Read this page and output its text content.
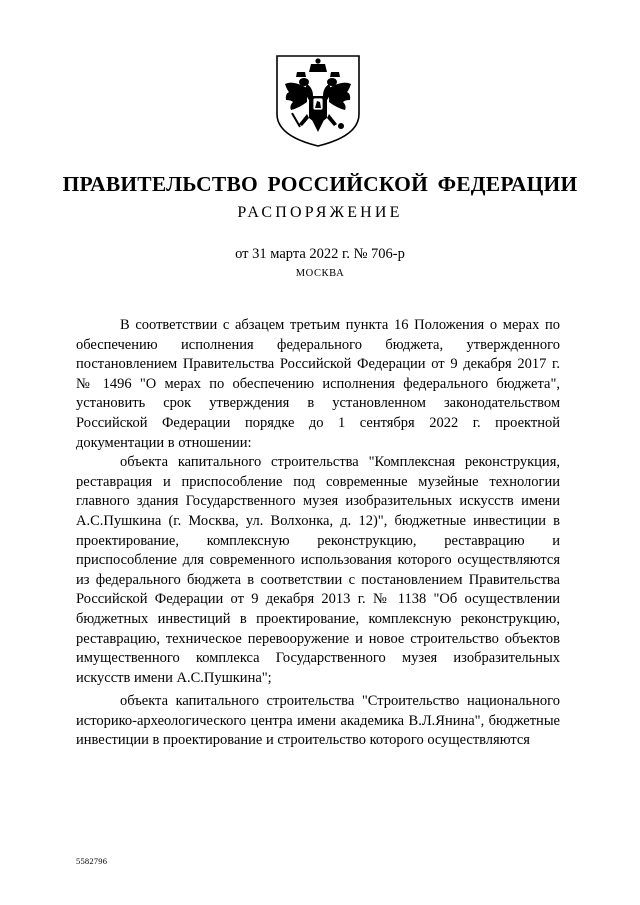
ПРАВИТЕЛЬСТВО РОССИЙСКОЙ ФЕДЕРАЦИИ
РАСПОРЯЖЕНИЕ
от 31 марта 2022 г. № 706-р
МОСКВА

В соответствии с абзацем третьим пункта 16 Положения о мерах по обеспечению исполнения федерального бюджета, утвержденного постановлением Правительства Российской Федерации от 9 декабря 2017 г. № 1496 "О мерах по обеспечению исполнения федерального бюджета", установить срок утверждения в установленном законодательством Российской Федерации порядке до 1 сентября 2022 г. проектной документации в отношении:

объекта капитального строительства "Комплексная реконструкция, реставрация и приспособление под современные музейные технологии главного здания Государственного музея изобразительных искусств имени А.С.Пушкина (г. Москва, ул. Волхонка, д. 12)", бюджетные инвестиции в проектирование, комплексную реконструкцию, реставрацию и приспособление для современного использования которого осуществляются из федерального бюджета в соответствии с постановлением Правительства Российской Федерации от 9 декабря 2013 г. № 1138 "Об осуществлении бюджетных инвестиций в проектирование, комплексную реконструкцию, реставрацию, техническое перевооружение и новое строительство объектов имущественного комплекса Государственного музея изобразительных искусств имени А.С.Пушкина";

объекта капитального строительства "Строительство национального историко-археологического центра имени академика В.Л.Янина", бюджетные инвестиции в проектирование и строительство которого осуществляются

5582796
